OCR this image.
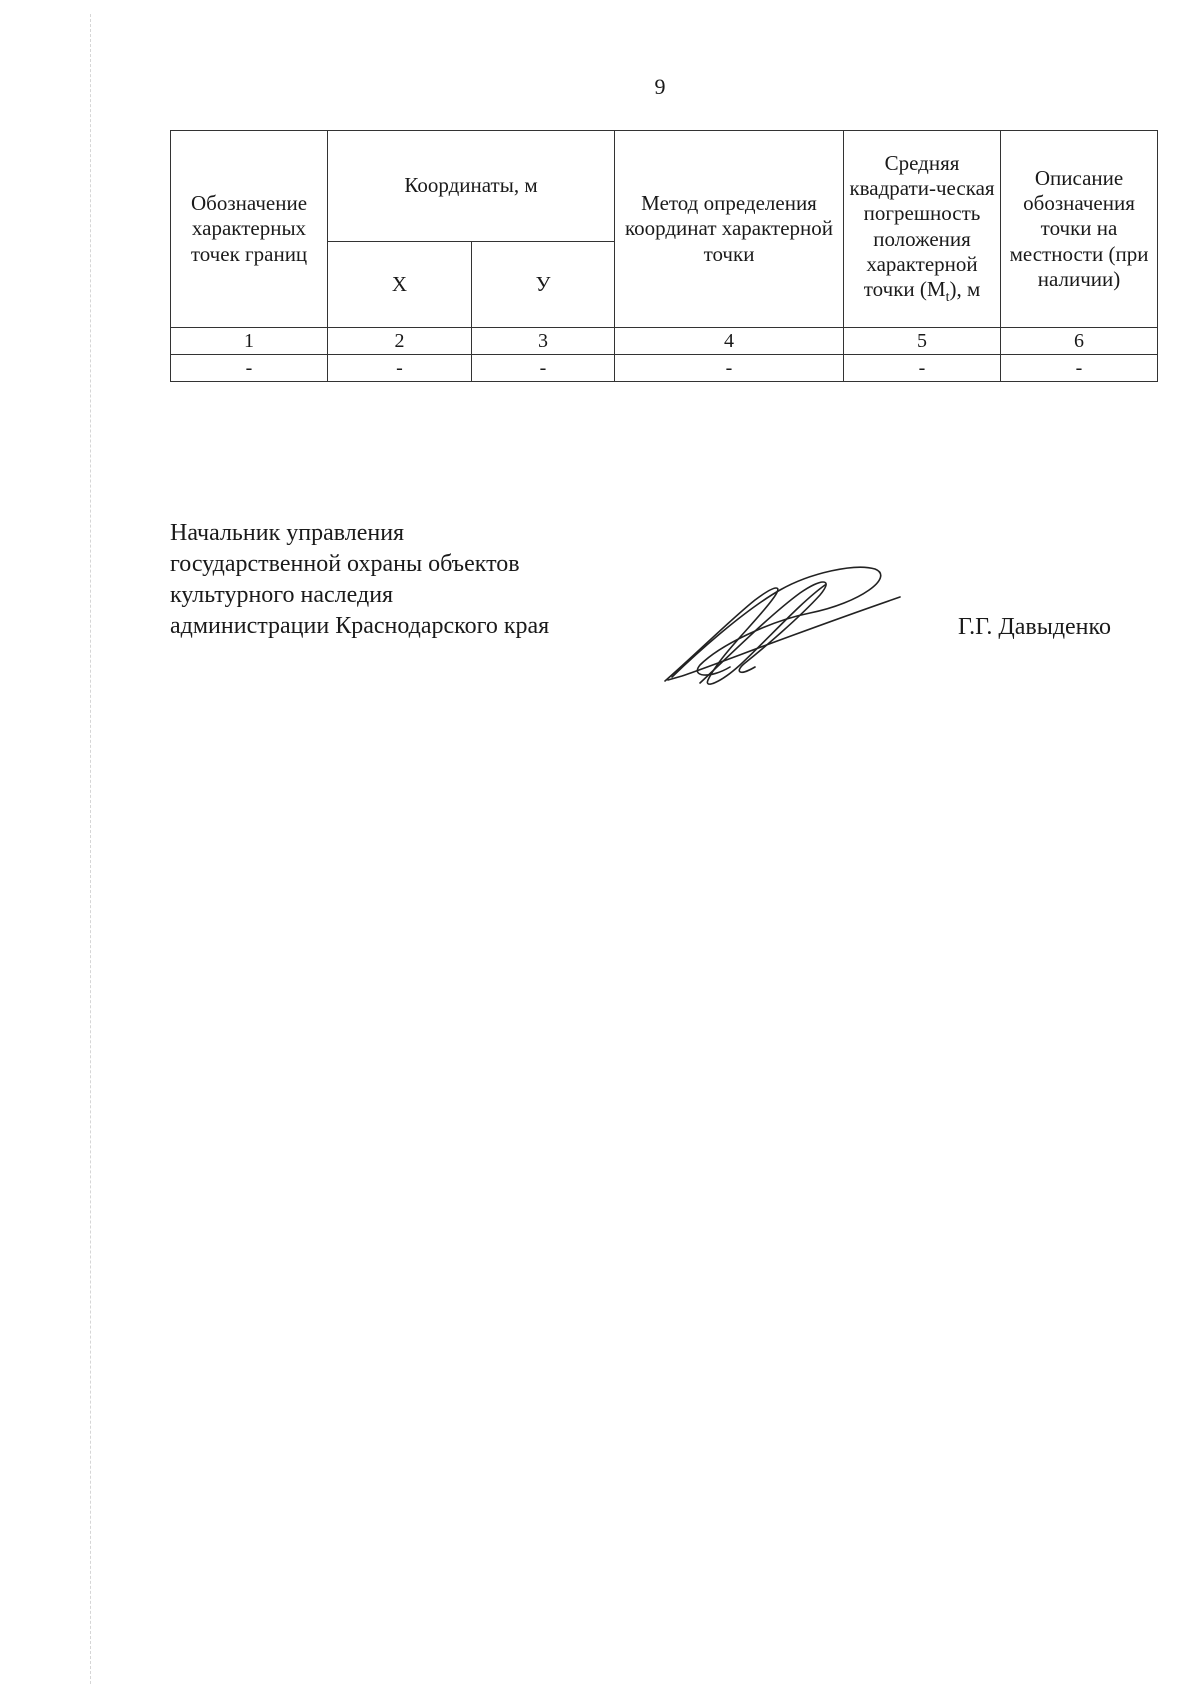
9
Обозначение характерных точек границ	Координаты, м		Метод определения координат характерной точки	Средняя квадрати-ческая погрешность положения характерной точки $(M_t)$, м	Описание обозначения точки на местности (при наличии)
	Х	У			
1	2	3	4	5	6
-	-	-	-	-	-
Начальник управления
государственной охраны объектов
культурного наследия
администрации Краснодарского края	Г.Г. Давыденко
